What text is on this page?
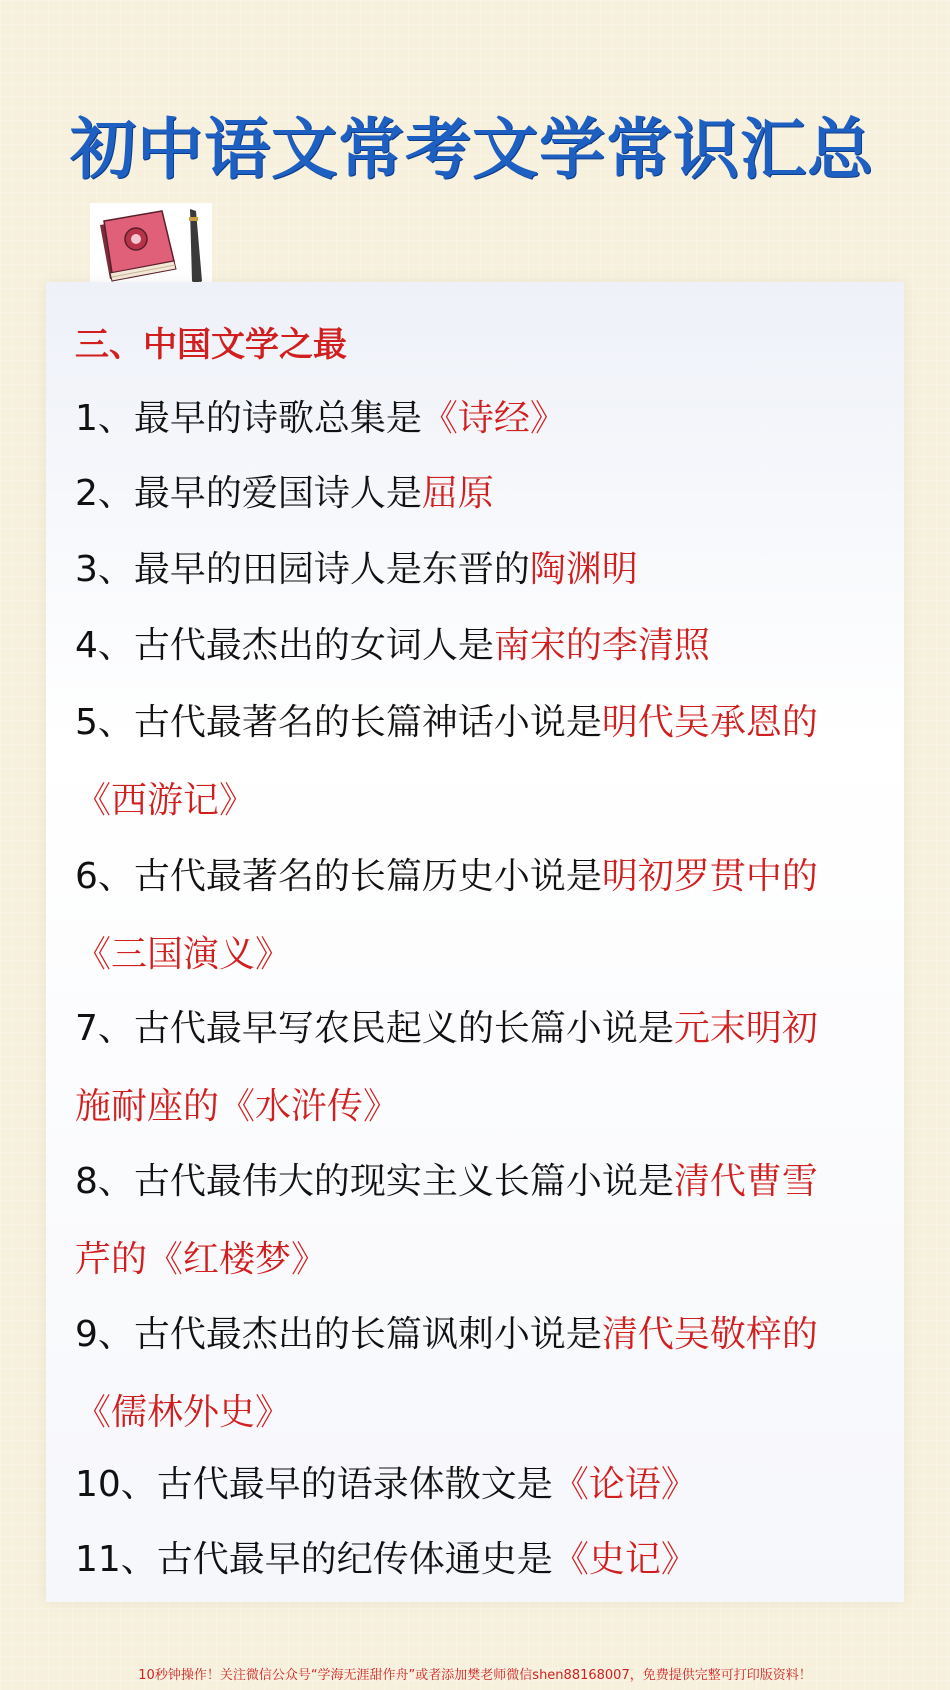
初中语文常考文学常识汇总
三、中国文学之最
1、最早的诗歌总集是《诗经》
2、最早的爱国诗人是屈原
3、最早的田园诗人是东晋的陶渊明
4、古代最杰出的女词人是南宋的李清照
5、古代最著名的长篇神话小说是明代吴承恩的
《西游记》
6、古代最著名的长篇历史小说是明初罗贯中的
《三国演义》
7、古代最早写农民起义的长篇小说是元末明初
施耐座的《水浒传》
8、古代最伟大的现实主义长篇小说是清代曹雪
芹的《红楼梦》
9、古代最杰出的长篇讽刺小说是清代吴敬梓的
《儒林外史》
10、古代最早的语录体散文是《论语》
11、古代最早的纪传体通史是《史记》
10秒钟操作！关注微信公众号“学海无涯甜作舟”或者添加樊老师微信shen88168007，免费提供完整可打印版资料！
